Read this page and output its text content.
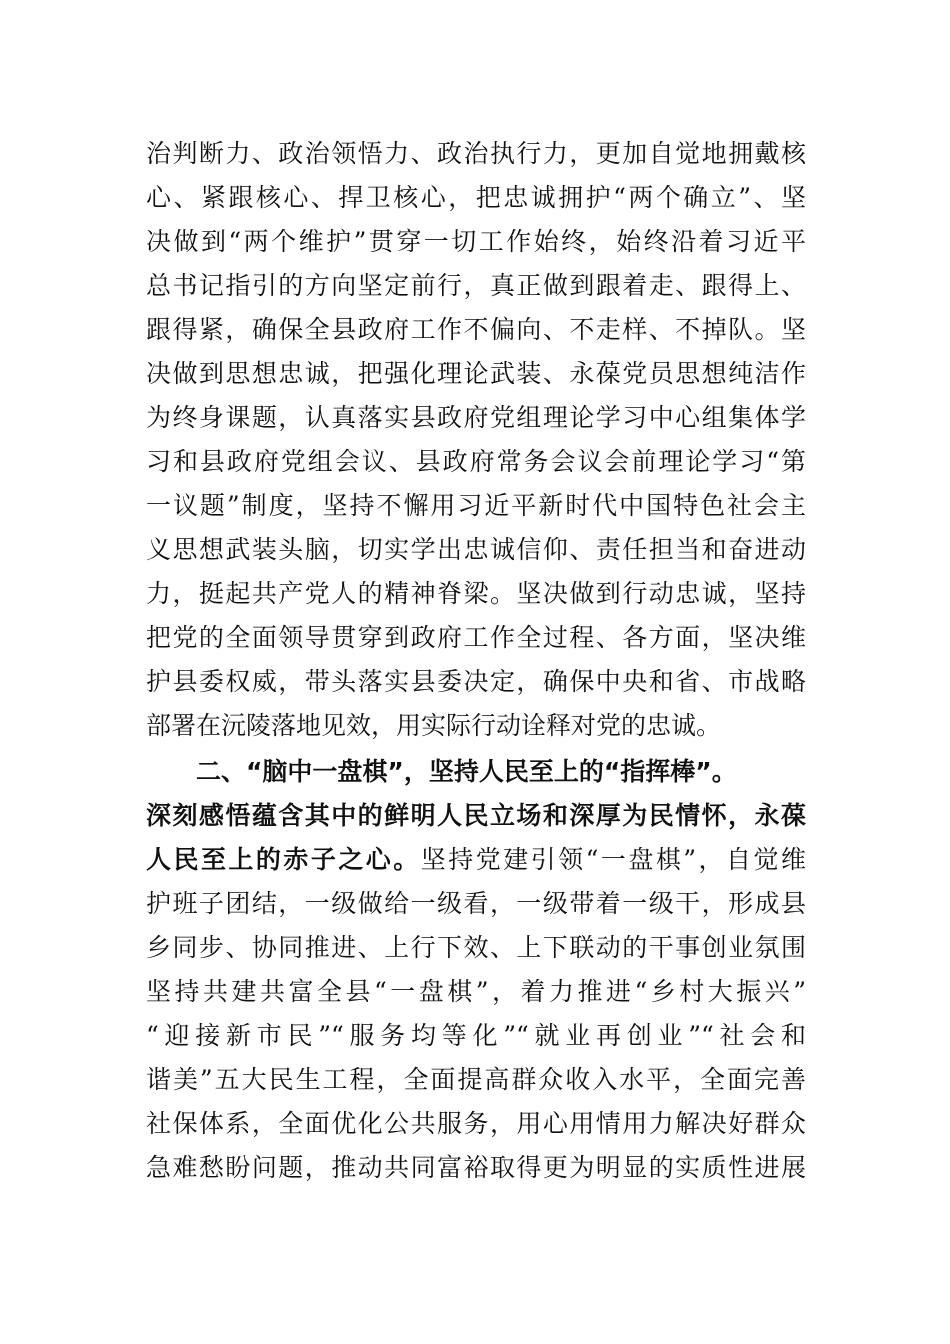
治判断力、政治领悟力、政治执行力，更加自觉地拥戴核
心、紧跟核心、捍卫核心，把忠诚拥护“两个确立”、坚
决做到“两个维护”贯穿一切工作始终，始终沿着习近平
总书记指引的方向坚定前行，真正做到跟着走、跟得上、
跟得紧，确保全县政府工作不偏向、不走样、不掉队。坚
决做到思想忠诚，把强化理论武装、永葆党员思想纯洁作
为终身课题，认真落实县政府党组理论学习中心组集体学
习和县政府党组会议、县政府常务会议会前理论学习“第
一议题”制度，坚持不懈用习近平新时代中国特色社会主
义思想武装头脑，切实学出忠诚信仰、责任担当和奋进动
力，挺起共产党人的精神脊梁。坚决做到行动忠诚，坚持
把党的全面领导贯穿到政府工作全过程、各方面，坚决维
护县委权威，带头落实县委决定，确保中央和省、市战略
部署在沅陵落地见效，用实际行动诠释对党的忠诚。
二、“脑中一盘棋”，坚持人民至上的“指挥棒”。
深刻感悟蕴含其中的鲜明人民立场和深厚为民情怀，永葆
人民至上的赤子之心。坚持党建引领“一盘棋”，自觉维
护班子团结，一级做给一级看，一级带着一级干，形成县
乡同步、协同推进、上行下效、上下联动的干事创业氛围
坚持共建共富全县“一盘棋”，着力推进“乡村大振兴”
“迎接新市民”“服务均等化”“就业再创业”“社会和
谐美”五大民生工程，全面提高群众收入水平，全面完善
社保体系，全面优化公共服务，用心用情用力解决好群众
急难愁盼问题，推动共同富裕取得更为明显的实质性进展
